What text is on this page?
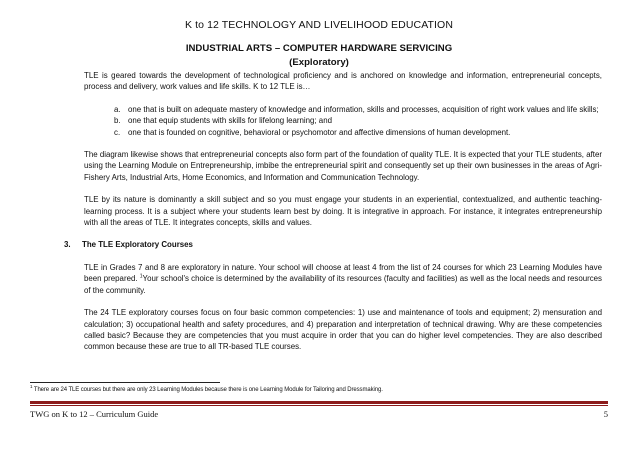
K to 12 TECHNOLOGY AND LIVELIHOOD EDUCATION
INDUSTRIAL ARTS – COMPUTER HARDWARE SERVICING
(Exploratory)

TLE is geared towards the development of technological proficiency and is anchored on knowledge and information, entrepreneurial concepts, process and delivery, work values and life skills. K to 12 TLE is…

a. one that is built on adequate mastery of knowledge and information, skills and processes, acquisition of right work values and life skills;
b. one that equip students with skills for lifelong learning; and
c. one that is founded on cognitive, behavioral or psychomotor and affective dimensions of human development.

The diagram likewise shows that entrepreneurial concepts also form part of the foundation of quality TLE. It is expected that your TLE students, after using the Learning Module on Entrepreneurship, imbibe the entrepreneurial spirit and consequently set up their own businesses in the areas of Agri-Fishery Arts, Industrial Arts, Home Economics, and Information and Communication Technology.

TLE by its nature is dominantly a skill subject and so you must engage your students in an experiential, contextualized, and authentic teaching-learning process. It is a subject where your students learn best by doing. It is integrative in approach. For instance, it integrates entrepreneurship with all the areas of TLE. It integrates concepts, skills and values.

3. The TLE Exploratory Courses

TLE in Grades 7 and 8 are exploratory in nature. Your school will choose at least 4 from the list of 24 courses for which 23 Learning Modules have been prepared. $^1$Your school's choice is determined by the availability of its resources (faculty and facilities) as well as the local needs and resources of the community.

The 24 TLE exploratory courses focus on four basic common competencies: 1) use and maintenance of tools and equipment; 2) mensuration and calculation; 3) occupational health and safety procedures, and 4) preparation and interpretation of technical drawing. Why are these competencies called basic? Because they are competencies that you must acquire in order that you can do higher level competencies. They are also described common because these are true to all TR-based TLE courses.

$^1$ There are 24 TLE courses but there are only 23 Learning Modules because there is one Learning Module for Tailoring and Dressmaking.
TWG on K to 12 – Curriculum Guide	5
